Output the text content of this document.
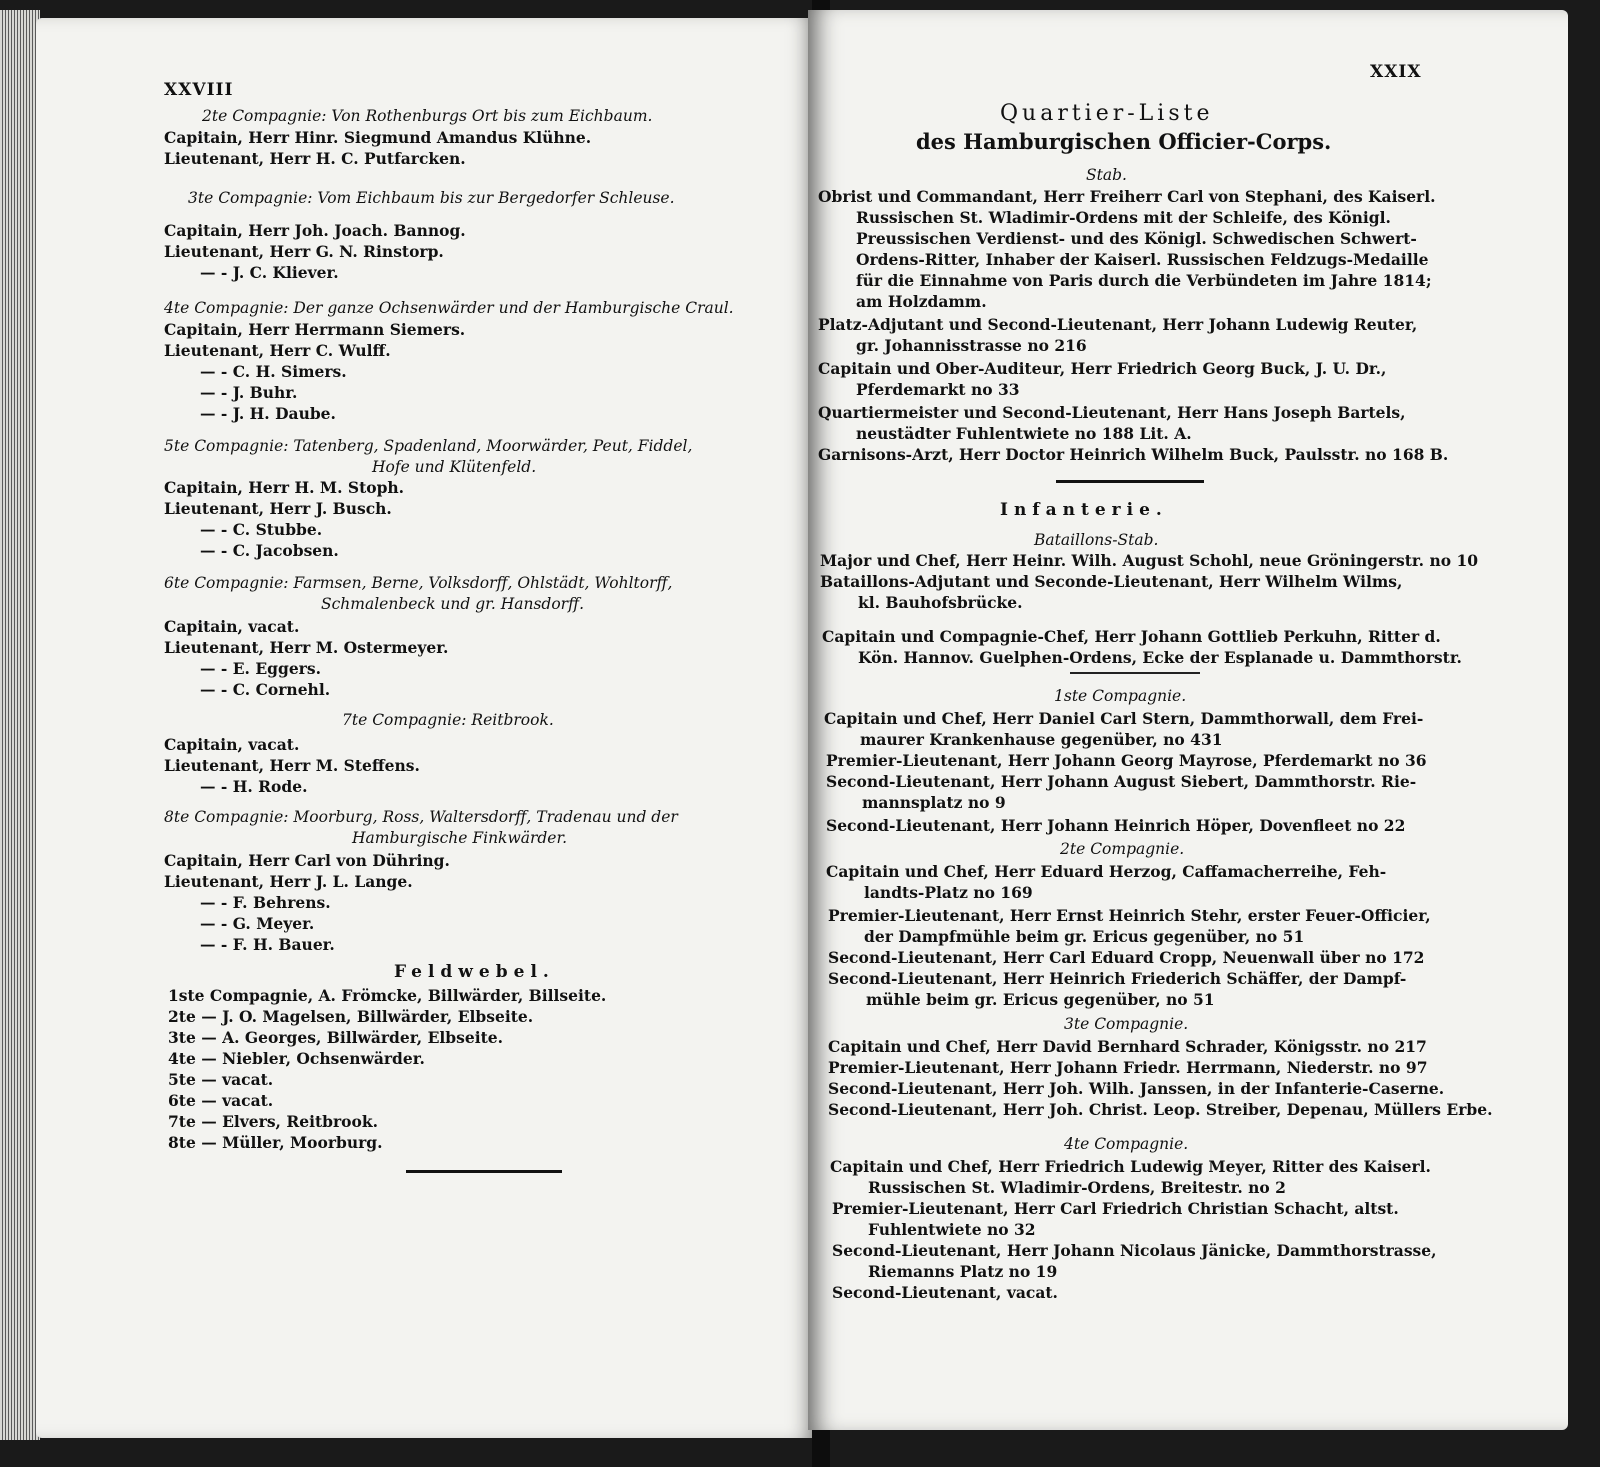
XXVIII
2te Compagnie: Von Rothenburgs Ort bis zum Eichbaum.
Capitain, Herr Hinr. Siegmund Amandus Klühne.
Lieutenant, Herr H. C. Putfarcken.
3te Compagnie: Vom Eichbaum bis zur Bergedorfer Schleuse.
Capitain, Herr Joh. Joach. Bannog.
Lieutenant, Herr G. N. Rinstorp.
— - J. C. Kliever.
4te Compagnie: Der ganze Ochsenwärder und der Hamburgische Craul.
Capitain, Herr Herrmann Siemers.
Lieutenant, Herr C. Wulff.
— - C. H. Simers.
— - J. Buhr.
— - J. H. Daube.
5te Compagnie: Tatenberg, Spadenland, Moorwärder, Peut, Fiddel,
Hofe und Klütenfeld.
Capitain, Herr H. M. Stoph.
Lieutenant, Herr J. Busch.
— - C. Stubbe.
— - C. Jacobsen.
6te Compagnie: Farmsen, Berne, Volksdorff, Ohlstädt, Wohltorff,
Schmalenbeck und gr. Hansdorff.
Capitain, vacat.
Lieutenant, Herr M. Ostermeyer.
— - E. Eggers.
— - C. Cornehl.
7te Compagnie: Reitbrook.
Capitain, vacat.
Lieutenant, Herr M. Steffens.
— - H. Rode.
8te Compagnie: Moorburg, Ross, Waltersdorff, Tradenau und der
Hamburgische Finkwärder.
Capitain, Herr Carl von Dühring.
Lieutenant, Herr J. L. Lange.
— - F. Behrens.
— - G. Meyer.
— - F. H. Bauer.
Feldwebel.
1ste Compagnie, A. Frömcke, Billwärder, Billseite.
2te — J. O. Magelsen, Billwärder, Elbseite.
3te — A. Georges, Billwärder, Elbseite.
4te — Niebler, Ochsenwärder.
5te — vacat.
6te — vacat.
7te — Elvers, Reitbrook.
8te — Müller, Moorburg.
XXIX
Quartier-Liste
des Hamburgischen Officier-Corps.
Stab.
Obrist und Commandant, Herr Freiherr Carl von Stephani, des Kaiserl.
Russischen St. Wladimir-Ordens mit der Schleife, des Königl.
Preussischen Verdienst- und des Königl. Schwedischen Schwert-
Ordens-Ritter, Inhaber der Kaiserl. Russischen Feldzugs-Medaille
für die Einnahme von Paris durch die Verbündeten im Jahre 1814;
am Holzdamm.
Platz-Adjutant und Second-Lieutenant, Herr Johann Ludewig Reuter,
gr. Johannisstrasse no 216
Capitain und Ober-Auditeur, Herr Friedrich Georg Buck, J. U. Dr.,
Pferdemarkt no 33
Quartiermeister und Second-Lieutenant, Herr Hans Joseph Bartels,
neustädter Fuhlentwiete no 188 Lit. A.
Garnisons-Arzt, Herr Doctor Heinrich Wilhelm Buck, Paulsstr. no 168 B.
Infanterie.
Bataillons-Stab.
Major und Chef, Herr Heinr. Wilh. August Schohl, neue Gröningerstr. no 10
Bataillons-Adjutant und Seconde-Lieutenant, Herr Wilhelm Wilms,
kl. Bauhofsbrücke.
Capitain und Compagnie-Chef, Herr Johann Gottlieb Perkuhn, Ritter d.
Kön. Hannov. Guelphen-Ordens, Ecke der Esplanade u. Dammthorstr.
1ste Compagnie.
Capitain und Chef, Herr Daniel Carl Stern, Dammthorwall, dem Frei-
maurer Krankenhause gegenüber, no 431
Premier-Lieutenant, Herr Johann Georg Mayrose, Pferdemarkt no 36
Second-Lieutenant, Herr Johann August Siebert, Dammthorstr. Rie-
mannsplatz no 9
Second-Lieutenant, Herr Johann Heinrich Höper, Dovenfleet no 22
2te Compagnie.
Capitain und Chef, Herr Eduard Herzog, Caffamacherreihe, Feh-
landts-Platz no 169
Premier-Lieutenant, Herr Ernst Heinrich Stehr, erster Feuer-Officier,
der Dampfmühle beim gr. Ericus gegenüber, no 51
Second-Lieutenant, Herr Carl Eduard Cropp, Neuenwall über no 172
Second-Lieutenant, Herr Heinrich Friederich Schäffer, der Dampf-
mühle beim gr. Ericus gegenüber, no 51
3te Compagnie.
Capitain und Chef, Herr David Bernhard Schrader, Königsstr. no 217
Premier-Lieutenant, Herr Johann Friedr. Herrmann, Niederstr. no 97
Second-Lieutenant, Herr Joh. Wilh. Janssen, in der Infanterie-Caserne.
Second-Lieutenant, Herr Joh. Christ. Leop. Streiber, Depenau, Müllers Erbe.
4te Compagnie.
Capitain und Chef, Herr Friedrich Ludewig Meyer, Ritter des Kaiserl.
Russischen St. Wladimir-Ordens, Breitestr. no 2
Premier-Lieutenant, Herr Carl Friedrich Christian Schacht, altst.
Fuhlentwiete no 32
Second-Lieutenant, Herr Johann Nicolaus Jänicke, Dammthorstrasse,
Riemanns Platz no 19
Second-Lieutenant, vacat.
